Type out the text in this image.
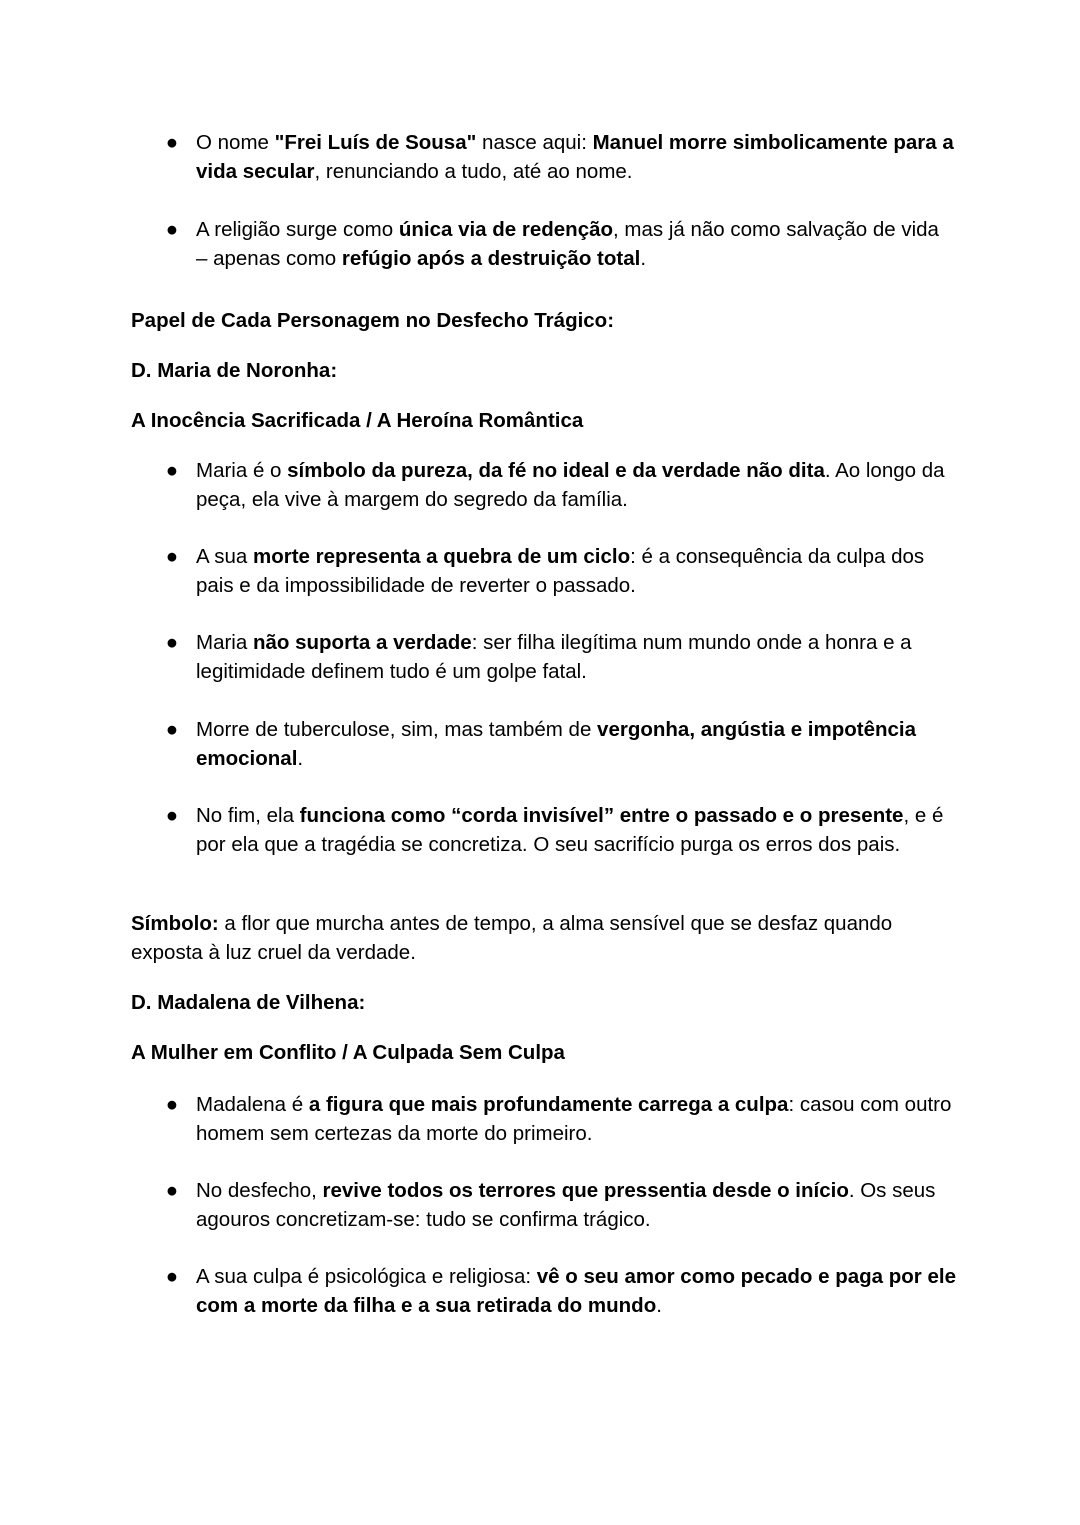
● O nome "Frei Luís de Sousa" nasce aqui: Manuel morre simbolicamente para a vida secular, renunciando a tudo, até ao nome.

● A religião surge como única via de redenção, mas já não como salvação de vida – apenas como refúgio após a destruição total.

Papel de Cada Personagem no Desfecho Trágico:

D. Maria de Noronha:

A Inocência Sacrificada / A Heroína Romântica

● Maria é o símbolo da pureza, da fé no ideal e da verdade não dita. Ao longo da peça, ela vive à margem do segredo da família.

● A sua morte representa a quebra de um ciclo: é a consequência da culpa dos pais e da impossibilidade de reverter o passado.

● Maria não suporta a verdade: ser filha ilegítima num mundo onde a honra e a legitimidade definem tudo é um golpe fatal.

● Morre de tuberculose, sim, mas também de vergonha, angústia e impotência emocional.

● No fim, ela funciona como “corda invisível” entre o passado e o presente, e é por ela que a tragédia se concretiza. O seu sacrifício purga os erros dos pais.

Símbolo: a flor que murcha antes de tempo, a alma sensível que se desfaz quando exposta à luz cruel da verdade.

D. Madalena de Vilhena:

A Mulher em Conflito / A Culpada Sem Culpa

● Madalena é a figura que mais profundamente carrega a culpa: casou com outro homem sem certezas da morte do primeiro.

● No desfecho, revive todos os terrores que pressentia desde o início. Os seus agouros concretizam-se: tudo se confirma trágico.

● A sua culpa é psicológica e religiosa: vê o seu amor como pecado e paga por ele com a morte da filha e a sua retirada do mundo.
